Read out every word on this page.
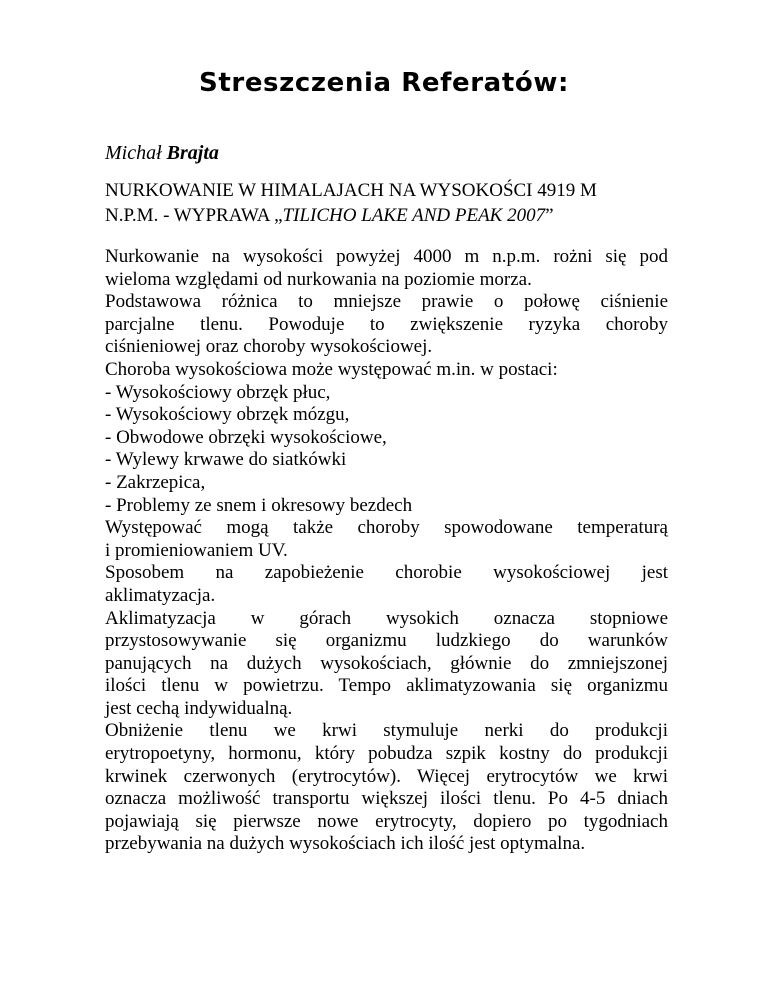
Streszczenia Referatów:

Michał Brajta

NURKOWANIE W HIMALAJACH NA WYSOKOŚCI 4919 M
N.P.M. - WYPRAWA „TILICHO LAKE AND PEAK 2007”

Nurkowanie na wysokości powyżej 4000 m n.p.m. rożni się pod
wieloma względami od nurkowania na poziomie morza.
Podstawowa różnica to mniejsze prawie o połowę ciśnienie
parcjalne tlenu. Powoduje to zwiększenie ryzyka choroby
ciśnieniowej oraz choroby wysokościowej.
Choroba wysokościowa może występować m.in. w postaci:
- Wysokościowy obrzęk płuc,
- Wysokościowy obrzęk mózgu,
- Obwodowe obrzęki wysokościowe,
- Wylewy krwawe do siatkówki
- Zakrzepica,
- Problemy ze snem i okresowy bezdech
Występować mogą także choroby spowodowane temperaturą
i promieniowaniem UV.
Sposobem na zapobieżenie chorobie wysokościowej jest
aklimatyzacja.
Aklimatyzacja w górach wysokich oznacza stopniowe
przystosowywanie się organizmu ludzkiego do warunków
panujących na dużych wysokościach, głównie do zmniejszonej
ilości tlenu w powietrzu. Tempo aklimatyzowania się organizmu
jest cechą indywidualną.
Obniżenie tlenu we krwi stymuluje nerki do produkcji
erytropoetyny, hormonu, który pobudza szpik kostny do produkcji
krwinek czerwonych (erytrocytów). Więcej erytrocytów we krwi
oznacza możliwość transportu większej ilości tlenu. Po 4-5 dniach
pojawiają się pierwsze nowe erytrocyty, dopiero po tygodniach
przebywania na dużych wysokościach ich ilość jest optymalna.
